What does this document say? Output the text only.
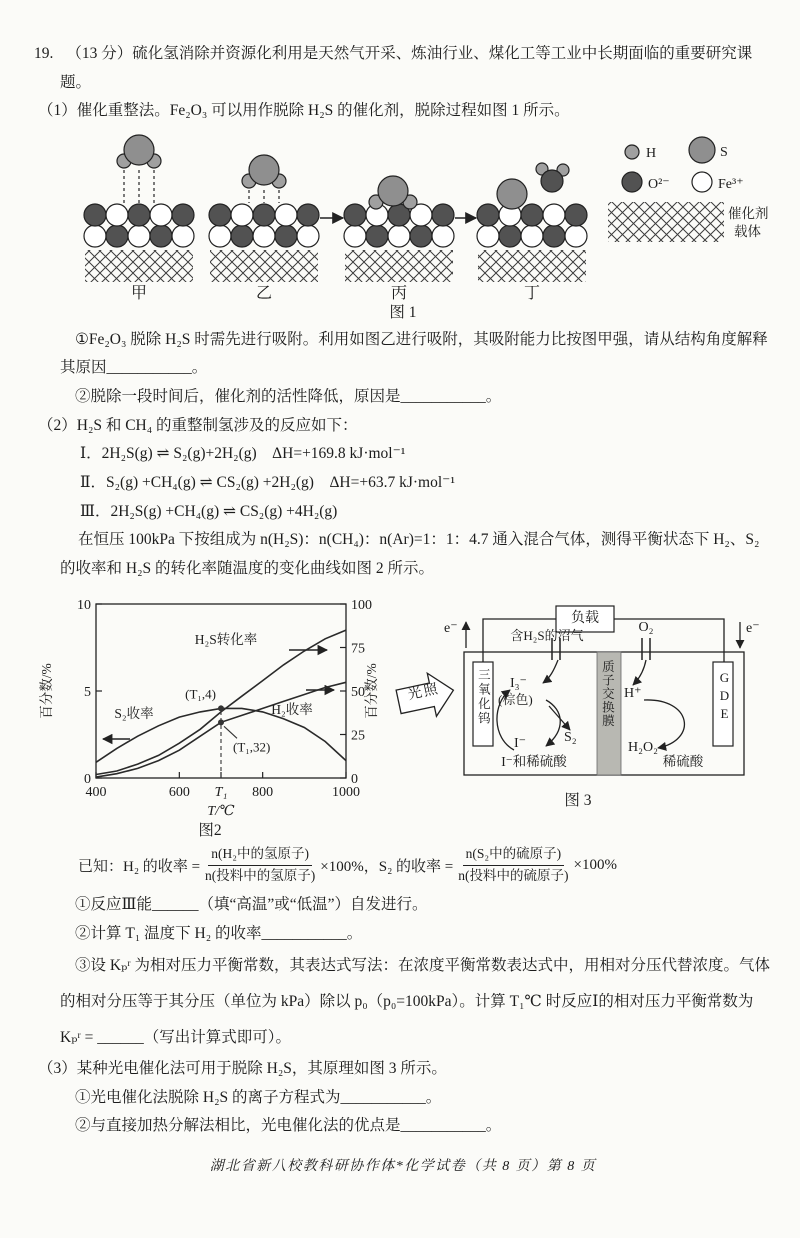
19. （13 分）硫化氢消除并资源化利用是天然气开采、炼油行业、煤化工等工业中长期面临的重要研究课题。

（1）催化重整法。Fe₂O₃ 可以用作脱除 H₂S 的催化剂，脱除过程如图 1 所示。

甲	乙	丙	丁
H	S
O²⁻	Fe³⁺
催化剂
载体
图 1

①Fe₂O₃ 脱除 H₂S 时需先进行吸附。利用如图乙进行吸附，其吸附能力比按图甲强，请从结构角度解释其原因___________。

②脱除一段时间后，催化剂的活性降低，原因是___________。

（2）H₂S 和 CH₄ 的重整制氢涉及的反应如下：

Ⅰ．2H₂S(g) ⇌ S₂(g)+2H₂(g)　ΔH=+169.8 kJ·mol⁻¹

Ⅱ．S₂(g) +CH₄(g) ⇌ CS₂(g) +2H₂(g)　ΔH=+63.7 kJ·mol⁻¹

Ⅲ．2H₂S(g) +CH₄(g) ⇌ CS₂(g) +4H₂(g)

在恒压 100kPa 下按组成为 n(H₂S)：n(CH₄)：n(Ar)=1：1：4.7 通入混合气体，测得平衡状态下 H₂、S₂ 的收率和 H₂S 的转化率随温度的变化曲线如图 2 所示。

百分数/%	百分数/%
H₂S转化率
S₂收率	H₂收率
T/℃
400	600 T₁ 800	1000
0
5
10
0
25
50
75
100
(T₁,4)
(T₁,32)
图2
负载
e⁻	e⁻
含H₂S的沼气
O₂
光照	三氧化钨	质子交换膜	GDE
I₃⁻
(棕色)
I⁻	S₂
H⁺
H₂O₂
I⁻和稀硫酸	稀硫酸
图 3
已知：H₂ 的收率 = $\frac{\text{n(H₂中的氢原子)}}{\text{n(投料中的氢原子)}} \times 100\%$，S₂ 的收率 = $\frac{\text{n(S₂中的硫原子)}}{\text{n(投料中的硫原子)}} \times 100\%$

①反应Ⅲ能______（填“高温”或“低温”）自发进行。

②计算 T₁ 温度下 H₂ 的收率___________。

③设 Kₚʳ 为相对压力平衡常数，其表达式写法：在浓度平衡常数表达式中，用相对分压代替浓度。气体的相对分压等于其分压（单位为 kPa）除以 p₀（p₀=100kPa）。计算 T₁℃ 时反应Ⅰ的相对压力平衡常数为 Kₚʳ = ______（写出计算式即可）。

（3）某种光电催化法可用于脱除 H₂S，其原理如图 3 所示。

①光电催化法脱除 H₂S 的离子方程式为___________。

②与直接加热分解法相比，光电催化法的优点是___________。

湖北省新八校教科研协作体*化学试卷（共 8 页）第 8 页
